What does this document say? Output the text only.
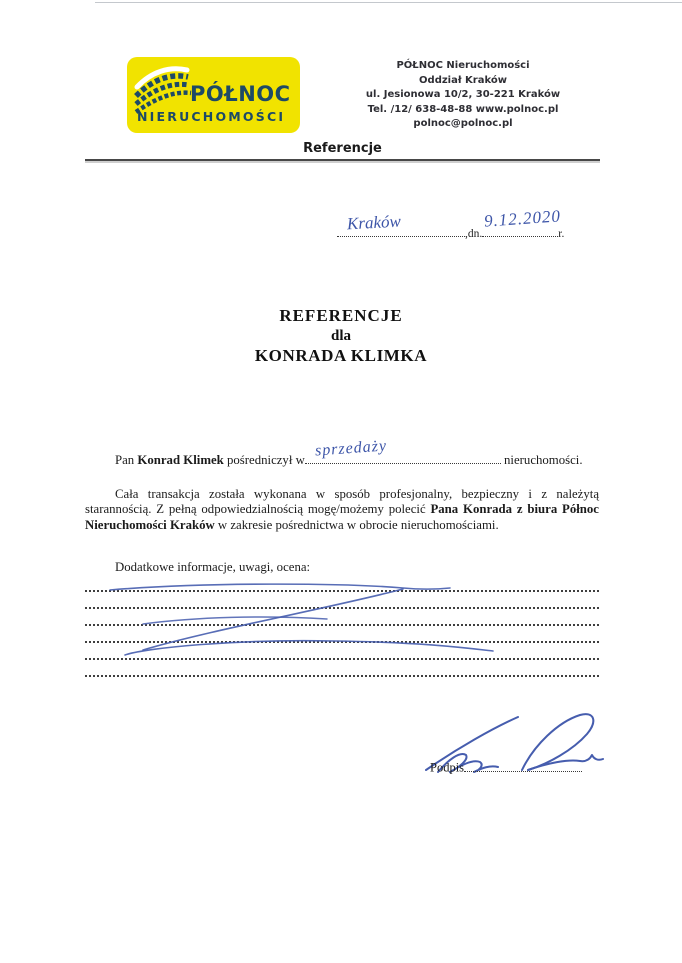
PÓŁNOC
NIERUCHOMOŚCI
PÓŁNOC Nieruchomości
Oddział Kraków
ul. Jesionowa 10/2, 30-221 Kraków
Tel. /12/ 638-48-88 www.polnoc.pl
polnoc@polnoc.pl
Referencje
,dn.	r.
Kraków	9.12.2020
REFERENCJE
dla
KONRADA KLIMKA
Pan Konrad Klimek pośredniczył w	nieruchomości.
sprzedaży
Cała transakcja została wykonana w sposób profesjonalny, bezpieczny i z należytą starannością. Z pełną odpowiedzialnością mogę/możemy polecić Pana Konrada z biura Północ Nieruchomości Kraków w zakresie pośrednictwa w obrocie nieruchomościami.
Dodatkowe informacje, uwagi, ocena:
Podpis
